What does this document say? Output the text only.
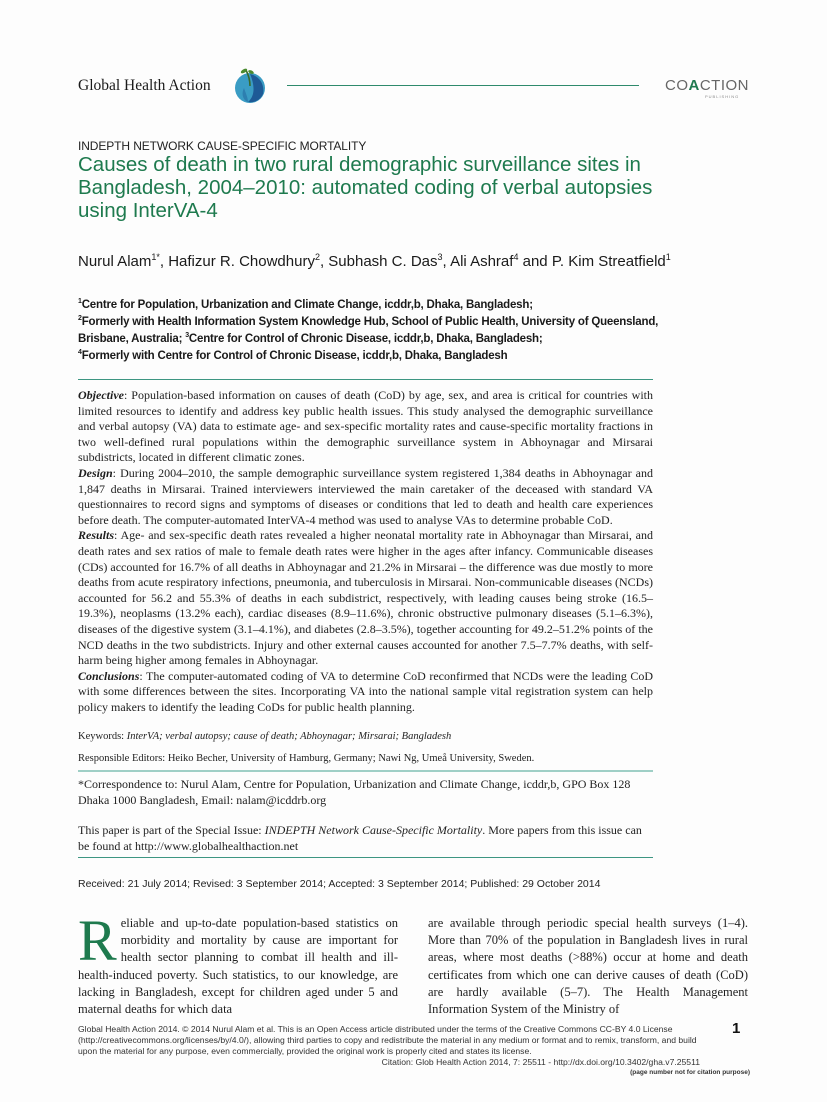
Global Health Action	COACTION
PUBLISHING
INDEPTH NETWORK CAUSE-SPECIFIC MORTALITY
Causes of death in two rural demographic surveillance sites in Bangladesh, 2004–2010: automated coding of verbal autopsies using InterVA-4
Nurul Alam$^{1*}$, Hafizur R. Chowdhury$^2$, Subhash C. Das$^3$, Ali Ashraf$^4$ and P. Kim Streatfield$^1$
$^1$Centre for Population, Urbanization and Climate Change, icddr,b, Dhaka, Bangladesh;
$^2$Formerly with Health Information System Knowledge Hub, School of Public Health, University of Queensland, Brisbane, Australia; $^3$Centre for Control of Chronic Disease, icddr,b, Dhaka, Bangladesh;
$^4$Formerly with Centre for Control of Chronic Disease, icddr,b, Dhaka, Bangladesh

Objective: Population-based information on causes of death (CoD) by age, sex, and area is critical for countries with limited resources to identify and address key public health issues. This study analysed the demographic surveillance and verbal autopsy (VA) data to estimate age- and sex-specific mortality rates and cause-specific mortality fractions in two well-defined rural populations within the demographic surveillance system in Abhoynagar and Mirsarai subdistricts, located in different climatic zones.

Design: During 2004–2010, the sample demographic surveillance system registered 1,384 deaths in Abhoynagar and 1,847 deaths in Mirsarai. Trained interviewers interviewed the main caretaker of the deceased with standard VA questionnaires to record signs and symptoms of diseases or conditions that led to death and health care experiences before death. The computer-automated InterVA-4 method was used to analyse VAs to determine probable CoD.

Results: Age- and sex-specific death rates revealed a higher neonatal mortality rate in Abhoynagar than Mirsarai, and death rates and sex ratios of male to female death rates were higher in the ages after infancy. Communicable diseases (CDs) accounted for 16.7% of all deaths in Abhoynagar and 21.2% in Mirsarai – the difference was due mostly to more deaths from acute respiratory infections, pneumonia, and tuberculosis in Mirsarai. Non-communicable diseases (NCDs) accounted for 56.2 and 55.3% of deaths in each subdistrict, respectively, with leading causes being stroke (16.5–19.3%), neoplasms (13.2% each), cardiac diseases (8.9–11.6%), chronic obstructive pulmonary diseases (5.1–6.3%), diseases of the digestive system (3.1–4.1%), and diabetes (2.8–3.5%), together accounting for 49.2–51.2% points of the NCD deaths in the two subdistricts. Injury and other external causes accounted for another 7.5–7.7% deaths, with self-harm being higher among females in Abhoynagar.

Conclusions: The computer-automated coding of VA to determine CoD reconfirmed that NCDs were the leading CoD with some differences between the sites. Incorporating VA into the national sample vital registration system can help policy makers to identify the leading CoDs for public health planning.

Keywords: InterVA; verbal autopsy; cause of death; Abhoynagar; Mirsarai; Bangladesh
Responsible Editors: Heiko Becher, University of Hamburg, Germany; Nawi Ng, Umeå University, Sweden.
*Correspondence to: Nurul Alam, Centre for Population, Urbanization and Climate Change, icddr,b, GPO Box 128 Dhaka 1000 Bangladesh, Email: nalam@icddrb.org
This paper is part of the Special Issue: INDEPTH Network Cause-Specific Mortality. More papers from this issue can be found at http://www.globalhealthaction.net
Received: 21 July 2014; Revised: 3 September 2014; Accepted: 3 September 2014; Published: 29 October 2014
Reliable and up-to-date population-based statistics on morbidity and mortality by cause are important for health sector planning to combat ill health and ill-health-induced poverty. Such statistics, to our knowledge, are lacking in Bangladesh, except for children aged under 5 and maternal deaths for which data
are available through periodic special health surveys (1–4). More than 70% of the population in Bangladesh lives in rural areas, where most deaths (>88%) occur at home and death certificates from which one can derive causes of death (CoD) are hardly available (5–7). The Health Management Information System of the Ministry of
Global Health Action 2014. © 2014 Nurul Alam et al. This is an Open Access article distributed under the terms of the Creative Commons CC-BY 4.0 License (http://creativecommons.org/licenses/by/4.0/), allowing third parties to copy and redistribute the material in any medium or format and to remix, transform, and build upon the material for any purpose, even commercially, provided the original work is properly cited and states its license.
Citation: Glob Health Action 2014, 7: 25511 - http://dx.doi.org/10.3402/gha.v7.25511
(page number not for citation purpose)
1
